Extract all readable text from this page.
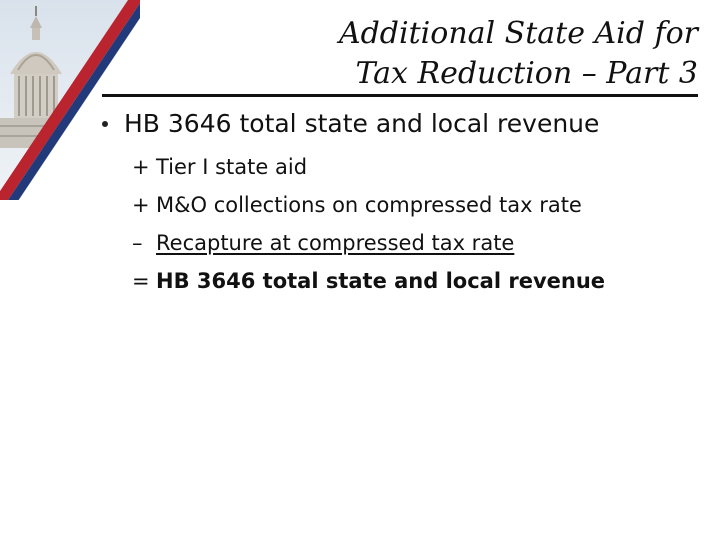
Additional State Aid for
Tax Reduction – Part 3
HB 3646 total state and local revenue
+ Tier I state aid
+ M&O collections on compressed tax rate
– Recapture at compressed tax rate
= HB 3646 total state and local revenue
